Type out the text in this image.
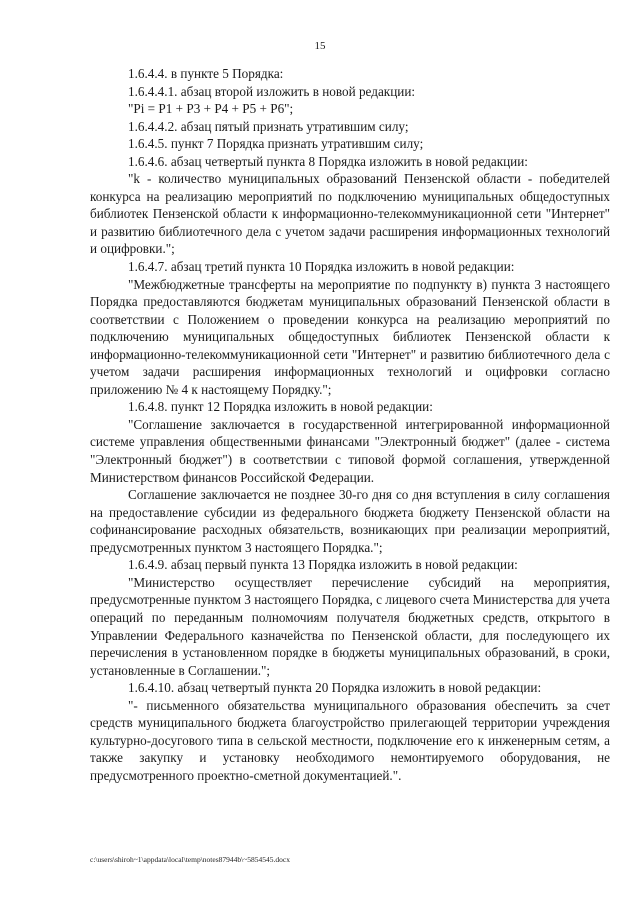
15

1.6.4.4. в пункте 5 Порядка:

1.6.4.4.1. абзац второй изложить в новой редакции:

"Pi = P1 + P3 + P4 + P5 + P6";

1.6.4.4.2. абзац пятый признать утратившим силу;

1.6.4.5. пункт 7 Порядка признать утратившим силу;

1.6.4.6. абзац четвертый пункта 8 Порядка изложить в новой редакции:

"k - количество муниципальных образований Пензенской области - победителей конкурса на реализацию мероприятий по подключению муниципальных общедоступных библиотек Пензенской области к информационно-телекоммуникационной сети "Интернет" и развитию библиотечного дела с учетом задачи расширения информационных технологий и оцифровки.";

1.6.4.7. абзац третий пункта 10 Порядка изложить в новой редакции:

"Межбюджетные трансферты на мероприятие по подпункту в) пункта 3 настоящего Порядка предоставляются бюджетам муниципальных образований Пензенской области в соответствии с Положением о проведении конкурса на реализацию мероприятий по подключению муниципальных общедоступных библиотек Пензенской области к информационно-телекоммуникационной сети "Интернет" и развитию библиотечного дела с учетом задачи расширения информационных технологий и оцифровки согласно приложению № 4 к настоящему Порядку.";

1.6.4.8. пункт 12 Порядка изложить в новой редакции:

"Соглашение заключается в государственной интегрированной информационной системе управления общественными финансами "Электронный бюджет" (далее - система "Электронный бюджет") в соответствии с типовой формой соглашения, утвержденной Министерством финансов Российской Федерации.

Соглашение заключается не позднее 30-го дня со дня вступления в силу соглашения на предоставление субсидии из федерального бюджета бюджету Пензенской области на софинансирование расходных обязательств, возникающих при реализации мероприятий, предусмотренных пунктом 3 настоящего Порядка.";

1.6.4.9. абзац первый пункта 13 Порядка изложить в новой редакции:

"Министерство осуществляет перечисление субсидий на мероприятия, предусмотренные пунктом 3 настоящего Порядка, с лицевого счета Министерства для учета операций по переданным полномочиям получателя бюджетных средств, открытого в Управлении Федерального казначейства по Пензенской области, для последующего их перечисления в установленном порядке в бюджеты муниципальных образований, в сроки, установленные в Соглашении.";

1.6.4.10. абзац четвертый пункта 20 Порядка изложить в новой редакции:

"- письменного обязательства муниципального образования обеспечить за счет средств муниципального бюджета благоустройство прилегающей территории учреждения культурно-досугового типа в сельской местности, подключение его к инженерным сетям, а также закупку и установку необходимого немонтируемого оборудования, не предусмотренного проектно-сметной документацией.".

c:\users\shiroh~1\appdata\local\temp\notes87944b\~5854545.docx
